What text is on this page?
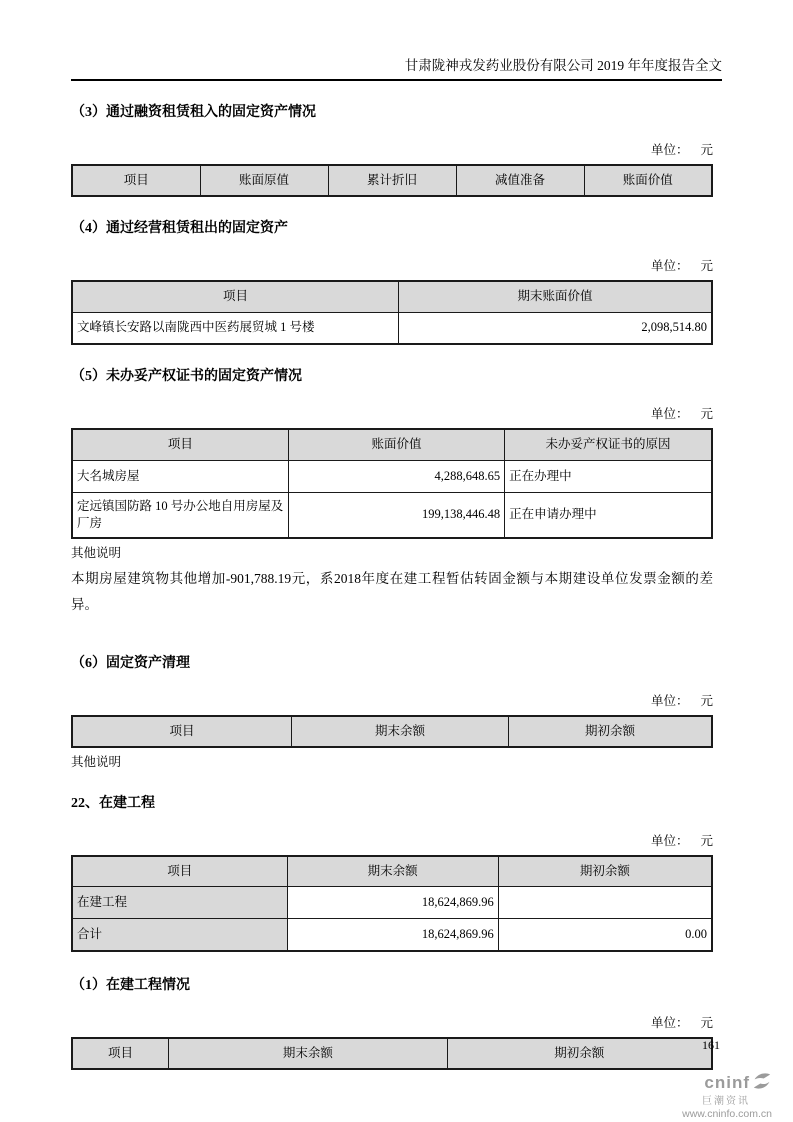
甘肃陇神戎发药业股份有限公司 2019 年年度报告全文
（3）通过融资租赁租入的固定资产情况
单位： 元
项目	账面原值	累计折旧	减值准备	账面价值
（4）通过经营租赁租出的固定资产
单位： 元
项目	期末账面价值
文峰镇长安路以南陇西中医药展贸城 1 号楼	2,098,514.80
（5）未办妥产权证书的固定资产情况
单位： 元
项目	账面价值	未办妥产权证书的原因
大名城房屋	4,288,648.65	正在办理中
定远镇国防路 10 号办公地自用房屋及厂房	199,138,446.48	正在申请办理中
其他说明
本期房屋建筑物其他增加-901,788.19元，系2018年度在建工程暂估转固金额与本期建设单位发票金额的差异。
（6）固定资产清理
单位： 元
项目	期末余额	期初余额
其他说明
22、在建工程
单位： 元
项目	期末余额	期初余额
在建工程	18,624,869.96	
合计	18,624,869.96	0.00
（1）在建工程情况
单位： 元
项目	期末余额	期初余额
161
cninf
巨潮资讯
www.cninfo.com.cn
